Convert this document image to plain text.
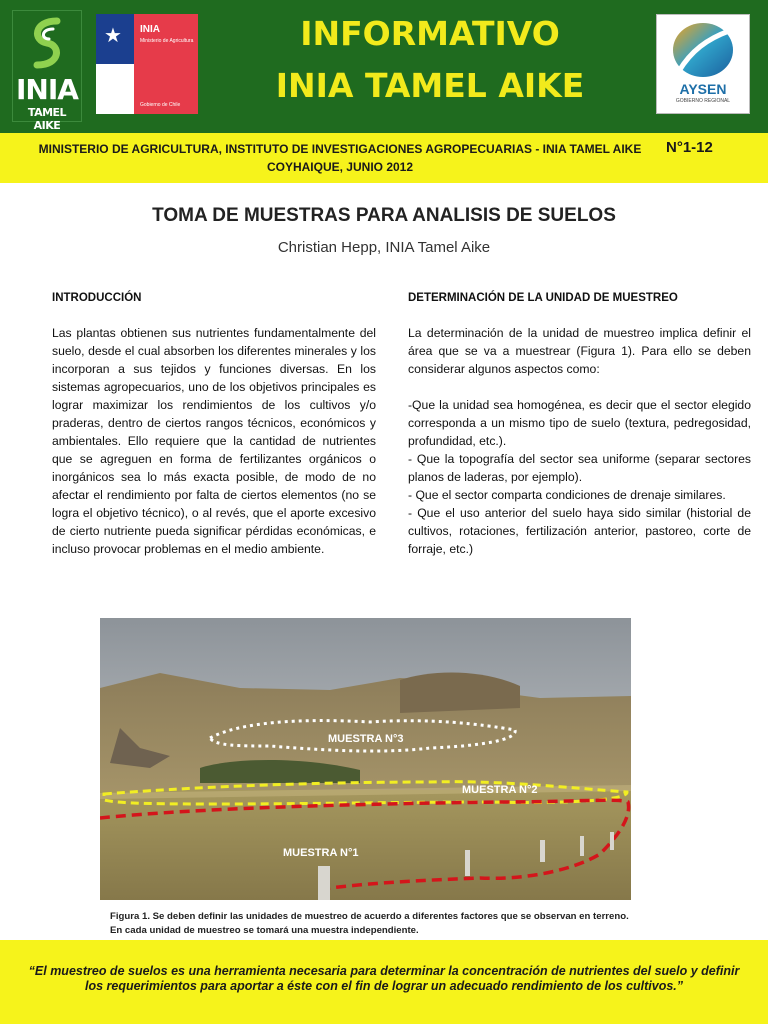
INIA
TAMEL AIKE
★ INIA
Ministerio de Agricultura
Gobierno de Chile
INFORMATIVO
INIA TAMEL AIKE	AYSEN
GOBIERNO REGIONAL
MINISTERIO DE AGRICULTURA, INSTITUTO DE INVESTIGACIONES AGROPECUARIAS - INIA TAMEL AIKE
COYHAIQUE, JUNIO 2012
N°1-12
TOMA DE MUESTRAS PARA ANALISIS DE SUELOS
Christian Hepp, INIA Tamel Aike
INTRODUCCIÓN
Las plantas obtienen sus nutrientes fundamentalmente del suelo, desde el cual absorben los diferentes minerales y los incorporan a sus tejidos y funciones diversas. En los sistemas agropecuarios, uno de los objetivos principales es lograr maximizar los rendimientos de los cultivos y/o praderas, dentro de ciertos rangos técnicos, económicos y ambientales. Ello requiere que la cantidad de nutrientes que se agreguen en forma de fertilizantes orgánicos o inorgánicos sea lo más exacta posible, de modo de no afectar el rendimiento por falta de ciertos elementos (no se logra el objetivo técnico), o al revés, que el aporte excesivo de cierto nutriente pueda significar pérdidas económicas, e incluso provocar problemas en el medio ambiente.
DETERMINACIÓN DE LA UNIDAD DE MUESTREO

La determinación de la unidad de muestreo implica definir el área que se va a muestrear (Figura 1). Para ello se deben considerar algunos aspectos como:

-Que la unidad sea homogénea, es decir que el sector elegido corresponda a un mismo tipo de suelo (textura, pedregosidad, profundidad, etc.).
- Que la topografía del sector sea uniforme (separar sectores planos de laderas, por ejemplo).
- Que el sector comparta condiciones de drenaje similares.
- Que el uso anterior del suelo haya sido similar (historial de cultivos, rotaciones, fertilización anterior, pastoreo, corte de forraje, etc.)
MUESTRA N°3
MUESTRA N°2
MUESTRA N°1
Figura 1. Se deben definir las unidades de muestreo de acuerdo a diferentes factores que se observan en terreno.
En cada unidad de muestreo se tomará una muestra independiente.
“El muestreo de suelos es una herramienta necesaria para determinar la concentración de nutrientes del suelo y definir los requerimientos para aportar a éste con el fin de lograr un adecuado rendimiento de los cultivos.”
